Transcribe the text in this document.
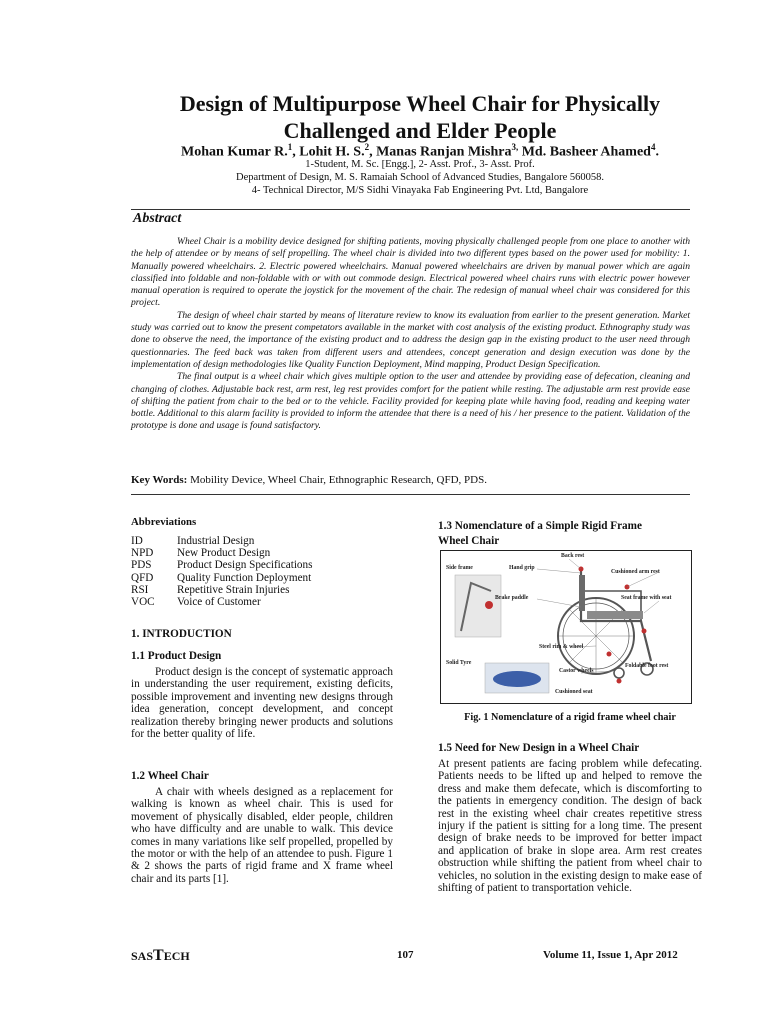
Design of Multipurpose Wheel Chair for Physically
Challenged and Elder People
Mohan Kumar R.$^1$, Lohit H. S.$^2$, Manas Ranjan Mishra$^{3,}$ Md. Basheer Ahamed$^4$.
1-Student, M. Sc. [Engg.], 2- Asst. Prof., 3- Asst. Prof.
Department of Design, M. S. Ramaiah School of Advanced Studies, Bangalore 560058.
4- Technical Director, M/S Sidhi Vinayaka Fab Engineering Pvt. Ltd, Bangalore
Abstract

Wheel Chair is a mobility device designed for shifting patients, moving physically challenged people from one place to another with the help of attendee or by means of self propelling. The wheel chair is divided into two different types based on the power used for mobility: 1. Manually powered wheelchairs. 2. Electric powered wheelchairs. Manual powered wheelchairs are driven by manual power which are again classified into foldable and non-foldable with or with out commode design. Electrical powered wheel chairs runs with electric power however manual operation is required to operate the joystick for the movement of the chair. The redesign of manual wheel chair was considered for this project.

The design of wheel chair started by means of literature review to know its evaluation from earlier to the present generation. Market study was carried out to know the present competators available in the market with cost analysis of the existing product. Ethnography study was done to observe the need, the importance of the existing product and to address the design gap in the existing product to the user need through questionnaries. The feed back was taken from different users and attendees, concept generation and design execution was done by the implementation of design methodologies like Quality Function Deployment, Mind mapping, Product Design Specification.

The final output is a wheel chair which gives multiple option to the user and attendee by providing ease of defecation, cleaning and changing of clothes. Adjustable back rest, arm rest, leg rest provides comfort for the patient while resting. The adjustable arm rest provide ease of shifting the patient from chair to the bed or to the vehicle. Facility provided for keeping plate while having food, reading and keeping water bottle. Additional to this alarm facility is provided to inform the attendee that there is a need of his / her presence to the patient. Validation of the prototype is done and usage is found satisfactory.

Key Words: Mobility Device, Wheel Chair, Ethnographic Research, QFD, PDS.
Abbreviations
ID	Industrial Design
NPD New Product Design
PDS Product Design Specifications
QFD Quality Function Deployment
RSI	Repetitive Strain Injuries
VOC Voice of Customer
1. INTRODUCTION
1.1 Product Design

Product design is the concept of systematic approach in understanding the user requirement, existing deficits, possible improvement and inventing new designs through idea generation, concept development, and concept realization thereby bringing newer products and solutions for the better quality of life.

1.2 Wheel Chair

A chair with wheels designed as a replacement for walking is known as wheel chair. This is used for movement of physically disabled, elder people, children who have difficulty and are unable to walk. This device comes in many variations like self propelled, propelled by the motor or with the help of an attendee to push. Figure 1 & 2 shows the parts of rigid frame and X frame wheel chair and its parts [1].

1.3 Nomenclature of a Simple Rigid Frame
Wheel Chair
Back rest
Side frame	Hand grip
Cushioned arm rest
Brake paddle	Seat frame with seat
Steel rim & wheel
Solid Tyre
Castor wheels
Foldable foot rest
Cushioned seat
Fig. 1 Nomenclature of a rigid frame wheel chair
1.5 Need for New Design in a Wheel Chair

At present patients are facing problem while defecating. Patients needs to be lifted up and helped to remove the dress and make them defecate, which is discomforting to the patients in emergency condition. The design of back rest in the existing wheel chair creates repetitive stress injury if the patient is sitting for a long time. The present design of brake needs to be improved for better impact and application of brake in slope area. Arm rest creates obstruction while shifting the patient from wheel chair to vehicles, no solution in the existing design to make ease of shifting of patient to transportation vehicle.

SASTECH	107	Volume 11, Issue 1, Apr 2012
